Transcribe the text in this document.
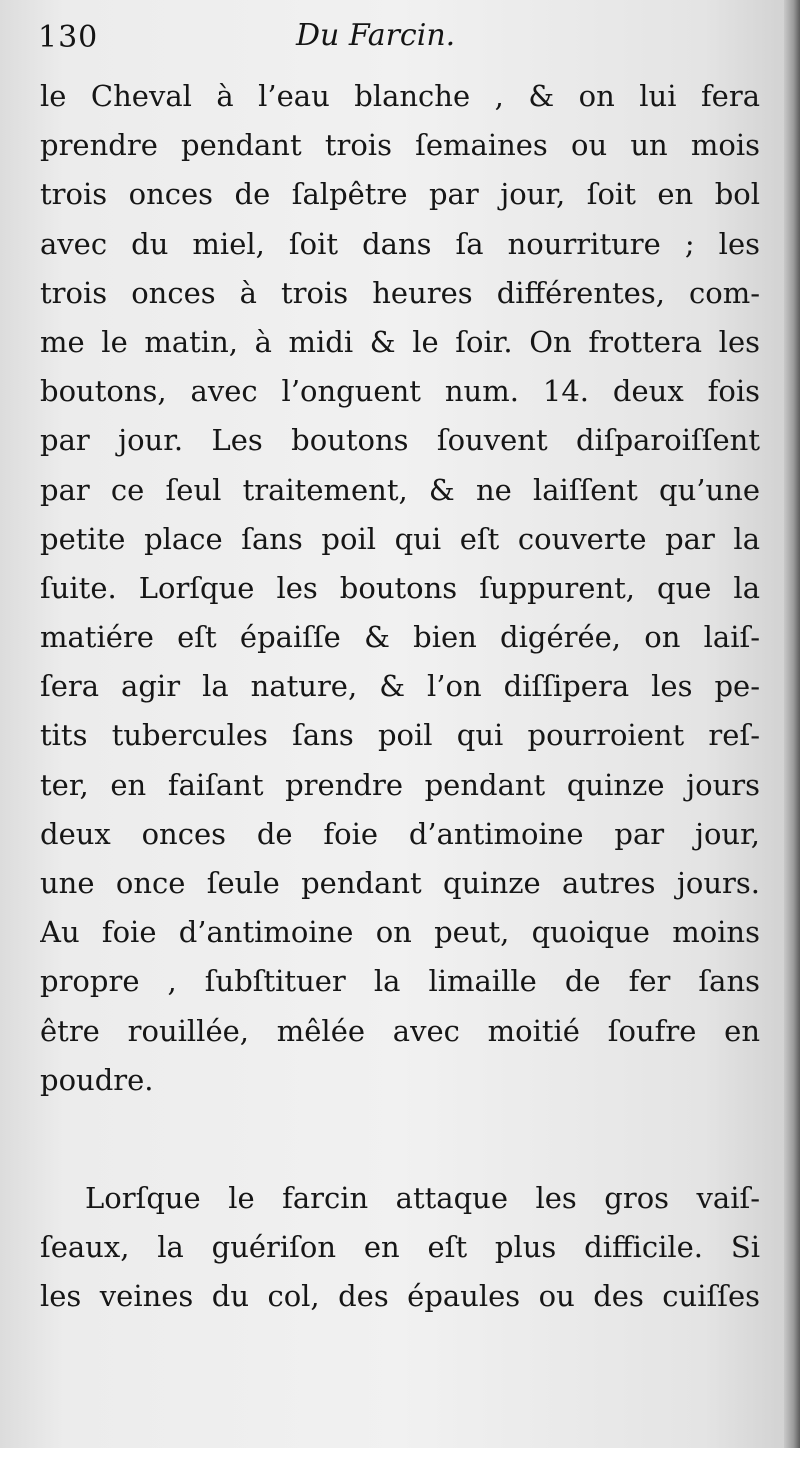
130	Du Farcin.
le Cheval à l’eau blanche , & on lui fera
prendre pendant trois ſemaines ou un mois
trois onces de ſalpêtre par jour, ſoit en bol
avec du miel, ſoit dans ſa nourriture ; les
trois onces à trois heures différentes, com-
me le matin, à midi & le ſoir. On frottera les
boutons, avec l’onguent num. 14. deux fois
par jour. Les boutons ſouvent diſparoiſſent
par ce ſeul traitement, & ne laiſſent qu’une
petite place ſans poil qui eſt couverte par la
ſuite. Lorſque les boutons ſuppurent, que la
matiére eſt épaiſſe & bien digérée, on laiſ-
ſera agir la nature, & l’on diſſipera les pe-
tits tubercules ſans poil qui pourroient reſ-
ter, en faiſant prendre pendant quinze jours
deux onces de foie d’antimoine par jour,
une once ſeule pendant quinze autres jours.
Au foie d’antimoine on peut, quoique moins
propre , ſubſtituer la limaille de fer ſans
être rouillée, mêlée avec moitié ſoufre en
poudre.
Lorſque le farcin attaque les gros vaiſ-
ſeaux, la guériſon en eſt plus difficile. Si
les veines du col, des épaules ou des cuiſſes
